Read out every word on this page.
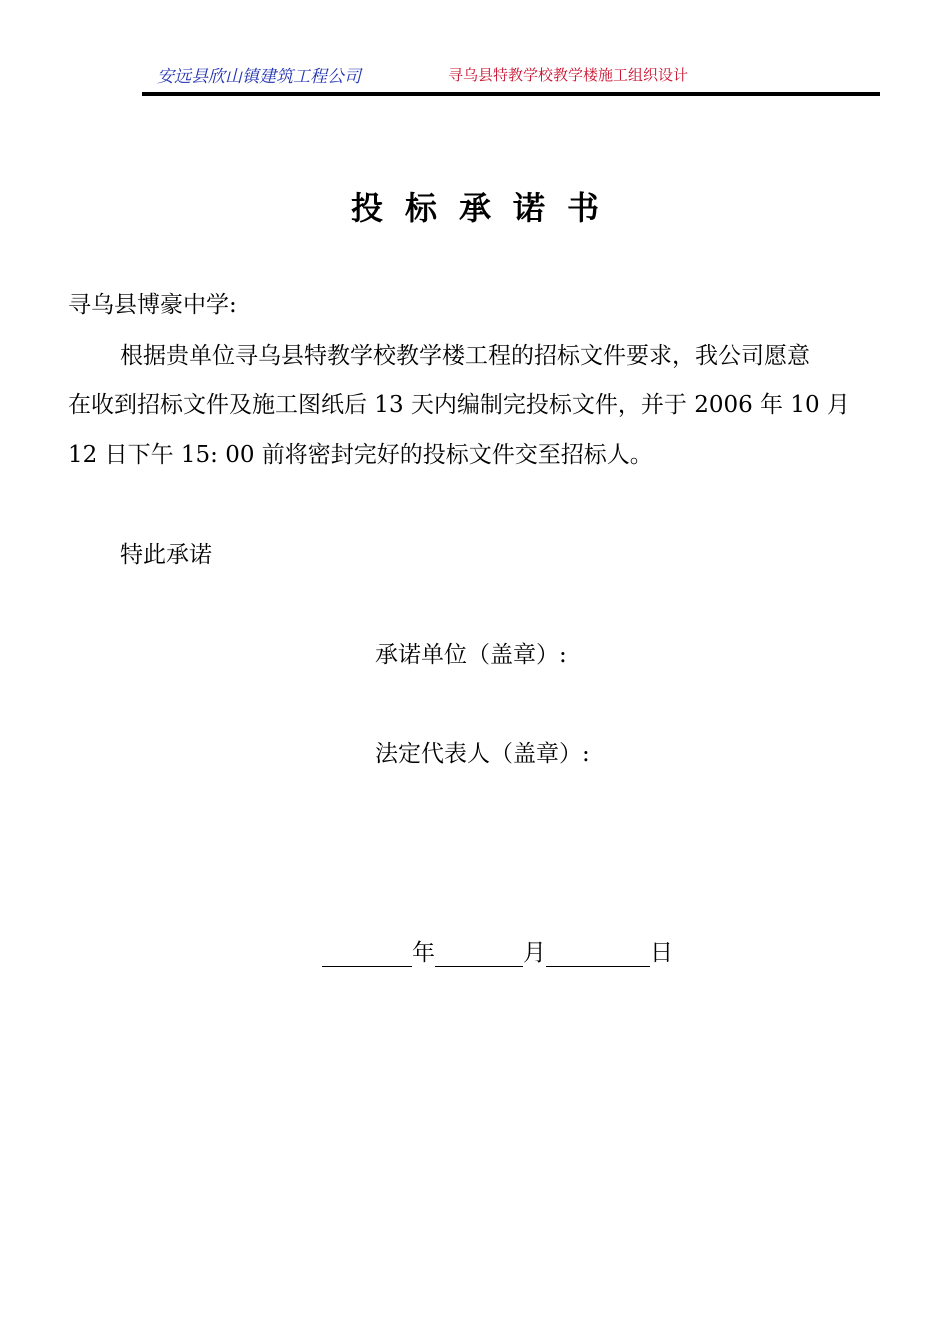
安远县欣山镇建筑工程公司	寻乌县特教学校教学楼施工组织设计
投标承诺书
寻乌县博豪中学:
根据贵单位寻乌县特教学校教学楼工程的招标文件要求，我公司愿意
在收到招标文件及施工图纸后 13 天内编制完投标文件，并于 2006 年 10 月
12 日下午 15: 00 前将密封完好的投标文件交至招标人。
特此承诺
承诺单位（盖章）:
法定代表人（盖章）:
年	月	日
